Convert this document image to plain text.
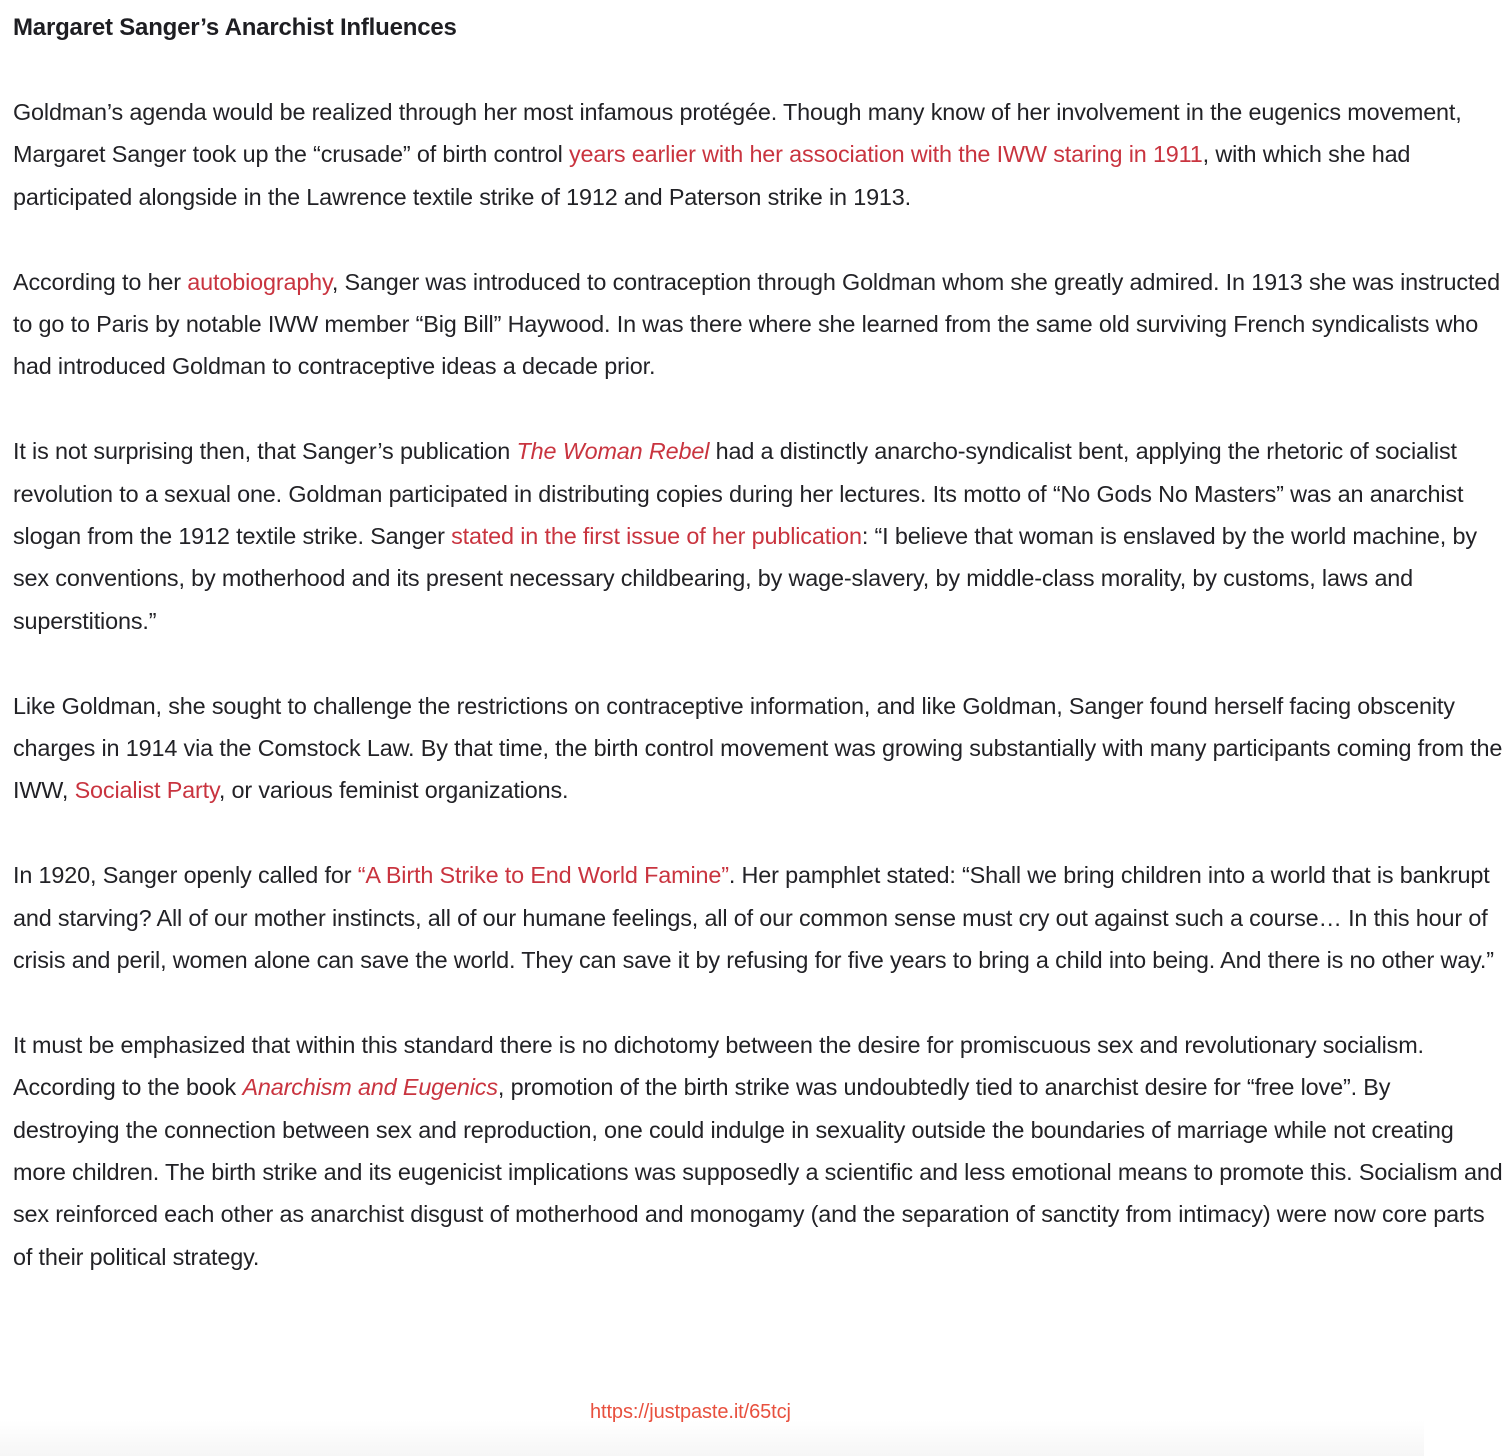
Margaret Sanger’s Anarchist Influences

Goldman’s agenda would be realized through her most infamous protégée. Though many know of her involvement in the eugenics movement, Margaret Sanger took up the “crusade” of birth control years earlier with her association with the IWW staring in 1911, with which she had participated alongside in the Lawrence textile strike of 1912 and Paterson strike in 1913.

According to her autobiography, Sanger was introduced to contraception through Goldman whom she greatly admired. In 1913 she was instructed to go to Paris by notable IWW member “Big Bill” Haywood. In was there where she learned from the same old surviving French syndicalists who had introduced Goldman to contraceptive ideas a decade prior.

It is not surprising then, that Sanger’s publication The Woman Rebel had a distinctly anarcho-syndicalist bent, applying the rhetoric of socialist revolution to a sexual one. Goldman participated in distributing copies during her lectures. Its motto of “No Gods No Masters” was an anarchist slogan from the 1912 textile strike. Sanger stated in the first issue of her publication: “I believe that woman is enslaved by the world machine, by sex conventions, by motherhood and its present necessary childbearing, by wage-slavery, by middle-class morality, by customs, laws and superstitions.”

Like Goldman, she sought to challenge the restrictions on contraceptive information, and like Goldman, Sanger found herself facing obscenity charges in 1914 via the Comstock Law. By that time, the birth control movement was growing substantially with many participants coming from the IWW, Socialist Party, or various feminist organizations.

In 1920, Sanger openly called for “A Birth Strike to End World Famine”. Her pamphlet stated: “Shall we bring children into a world that is bankrupt and starving? All of our mother instincts, all of our humane feelings, all of our common sense must cry out against such a course… In this hour of crisis and peril, women alone can save the world. They can save it by refusing for five years to bring a child into being. And there is no other way.”

It must be emphasized that within this standard there is no dichotomy between the desire for promiscuous sex and revolutionary socialism. According to the book Anarchism and Eugenics, promotion of the birth strike was undoubtedly tied to anarchist desire for “free love”. By destroying the connection between sex and reproduction, one could indulge in sexuality outside the boundaries of marriage while not creating more children. The birth strike and its eugenicist implications was supposedly a scientific and less emotional means to promote this. Socialism and sex reinforced each other as anarchist disgust of motherhood and monogamy (and the separation of sanctity from intimacy) were now core parts of their political strategy.

https://justpaste.it/65tcj
